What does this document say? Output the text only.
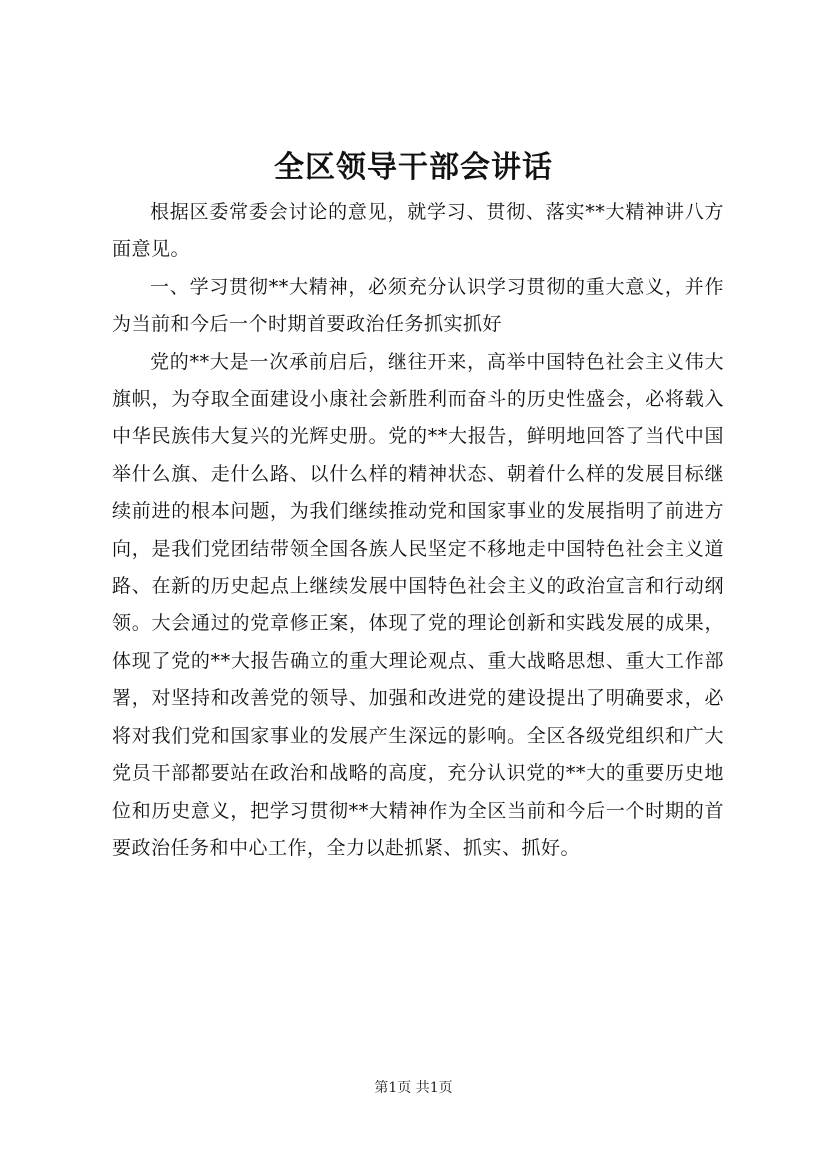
全区领导干部会讲话

根据区委常委会讨论的意见，就学习、贯彻、落实**大精神讲八方面意见。

一、学习贯彻**大精神，必须充分认识学习贯彻的重大意义，并作为当前和今后一个时期首要政治任务抓实抓好

党的**大是一次承前启后，继往开来，高举中国特色社会主义伟大旗帜，为夺取全面建设小康社会新胜利而奋斗的历史性盛会，必将载入中华民族伟大复兴的光辉史册。党的**大报告，鲜明地回答了当代中国举什么旗、走什么路、以什么样的精神状态、朝着什么样的发展目标继续前进的根本问题，为我们继续推动党和国家事业的发展指明了前进方向，是我们党团结带领全国各族人民坚定不移地走中国特色社会主义道路、在新的历史起点上继续发展中国特色社会主义的政治宣言和行动纲领。大会通过的党章修正案，体现了党的理论创新和实践发展的成果，体现了党的**大报告确立的重大理论观点、重大战略思想、重大工作部署，对坚持和改善党的领导、加强和改进党的建设提出了明确要求，必将对我们党和国家事业的发展产生深远的影响。全区各级党组织和广大党员干部都要站在政治和战略的高度，充分认识党的**大的重要历史地位和历史意义，把学习贯彻**大精神作为全区当前和今后一个时期的首要政治任务和中心工作，全力以赴抓紧、抓实、抓好。

第1页 共1页
